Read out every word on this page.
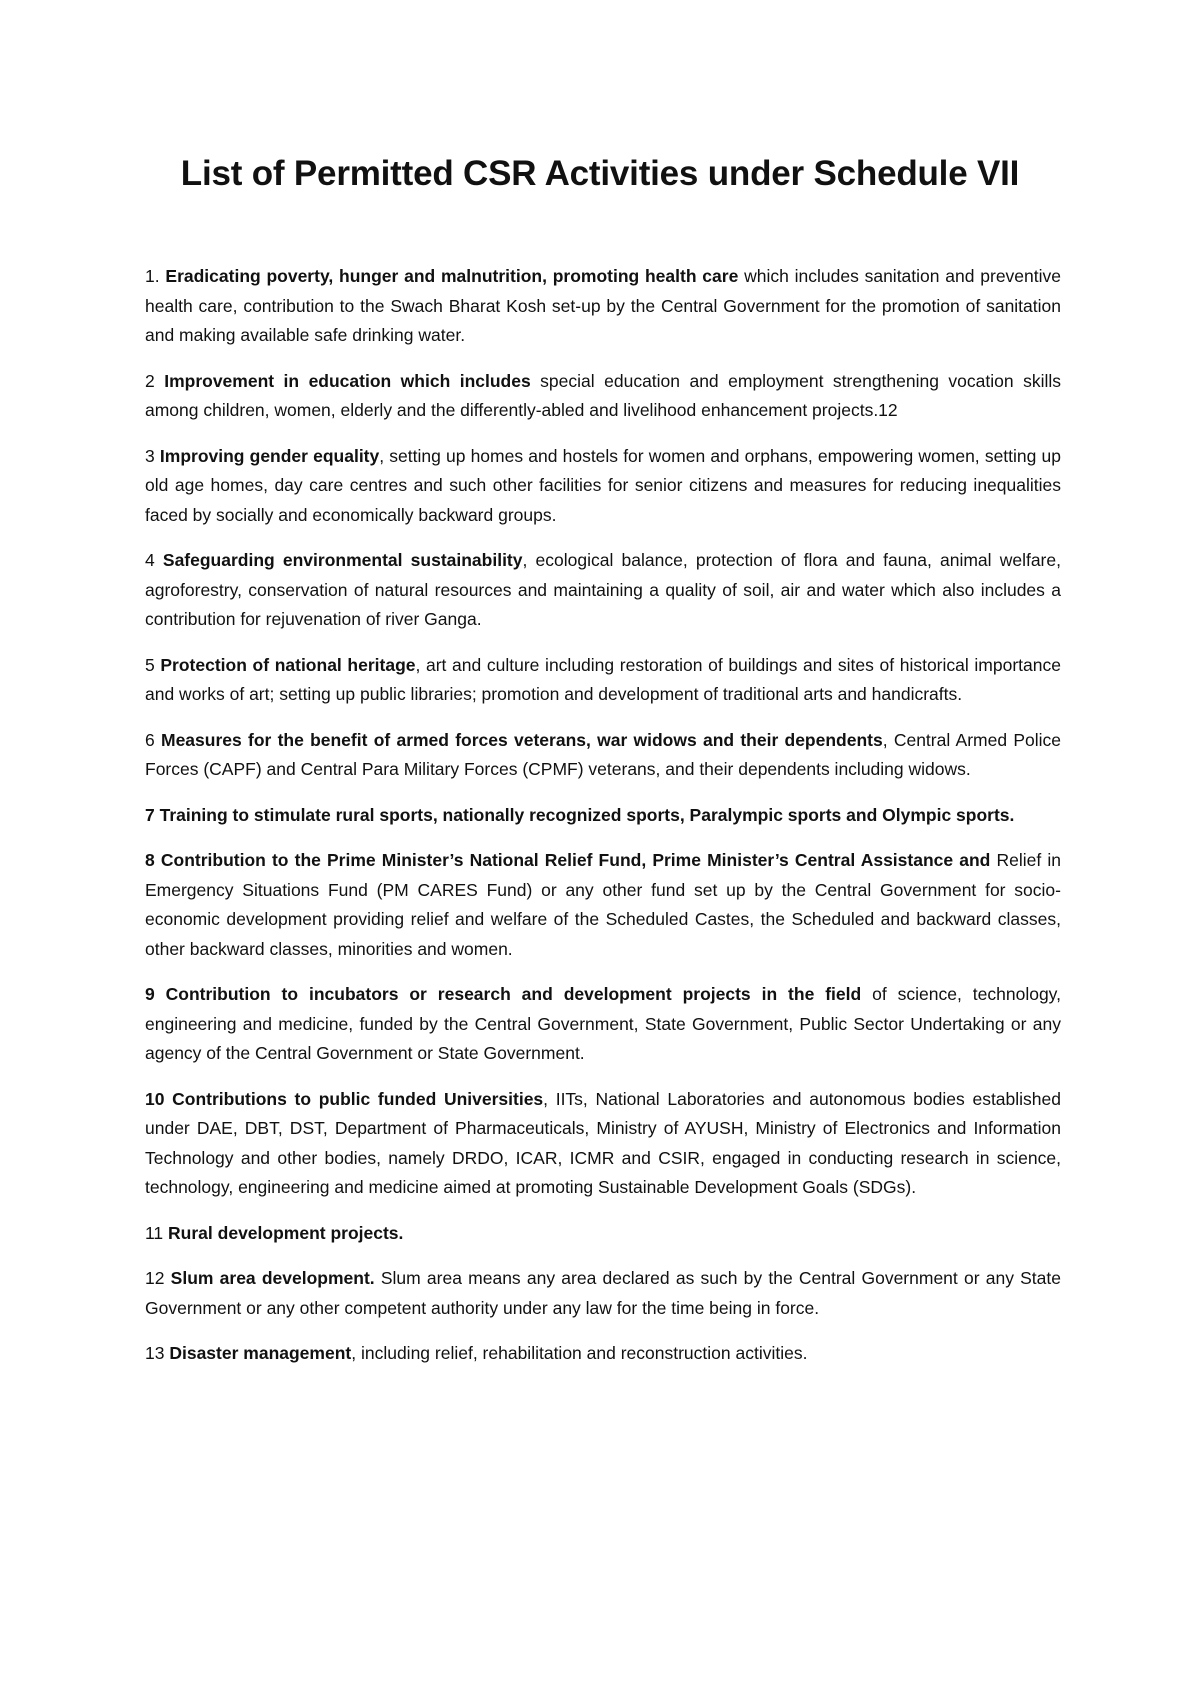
List of Permitted CSR Activities under Schedule VII

1. Eradicating poverty, hunger and malnutrition, promoting health care which includes sanitation and preventive health care, contribution to the Swach Bharat Kosh set-up by the Central Government for the promotion of sanitation and making available safe drinking water.

2 Improvement in education which includes special education and employment strengthening vocation skills among children, women, elderly and the differently-abled and livelihood enhancement projects.12

3 Improving gender equality, setting up homes and hostels for women and orphans, empowering women, setting up old age homes, day care centres and such other facilities for senior citizens and measures for reducing inequalities faced by socially and economically backward groups.

4 Safeguarding environmental sustainability, ecological balance, protection of flora and fauna, animal welfare, agroforestry, conservation of natural resources and maintaining a quality of soil, air and water which also includes a contribution for rejuvenation of river Ganga.

5 Protection of national heritage, art and culture including restoration of buildings and sites of historical importance and works of art; setting up public libraries; promotion and development of traditional arts and handicrafts.

6 Measures for the benefit of armed forces veterans, war widows and their dependents, Central Armed Police Forces (CAPF) and Central Para Military Forces (CPMF) veterans, and their dependents including widows.

7 Training to stimulate rural sports, nationally recognized sports, Paralympic sports and Olympic sports.

8 Contribution to the Prime Minister’s National Relief Fund, Prime Minister’s Central Assistance and Relief in Emergency Situations Fund (PM CARES Fund) or any other fund set up by the Central Government for socio-economic development providing relief and welfare of the Scheduled Castes, the Scheduled and backward classes, other backward classes, minorities and women.

9 Contribution to incubators or research and development projects in the field of science, technology, engineering and medicine, funded by the Central Government, State Government, Public Sector Undertaking or any agency of the Central Government or State Government.

10 Contributions to public funded Universities, IITs, National Laboratories and autonomous bodies established under DAE, DBT, DST, Department of Pharmaceuticals, Ministry of AYUSH, Ministry of Electronics and Information Technology and other bodies, namely DRDO, ICAR, ICMR and CSIR, engaged in conducting research in science, technology, engineering and medicine aimed at promoting Sustainable Development Goals (SDGs).

11 Rural development projects.

12 Slum area development. Slum area means any area declared as such by the Central Government or any State Government or any other competent authority under any law for the time being in force.

13 Disaster management, including relief, rehabilitation and reconstruction activities.
